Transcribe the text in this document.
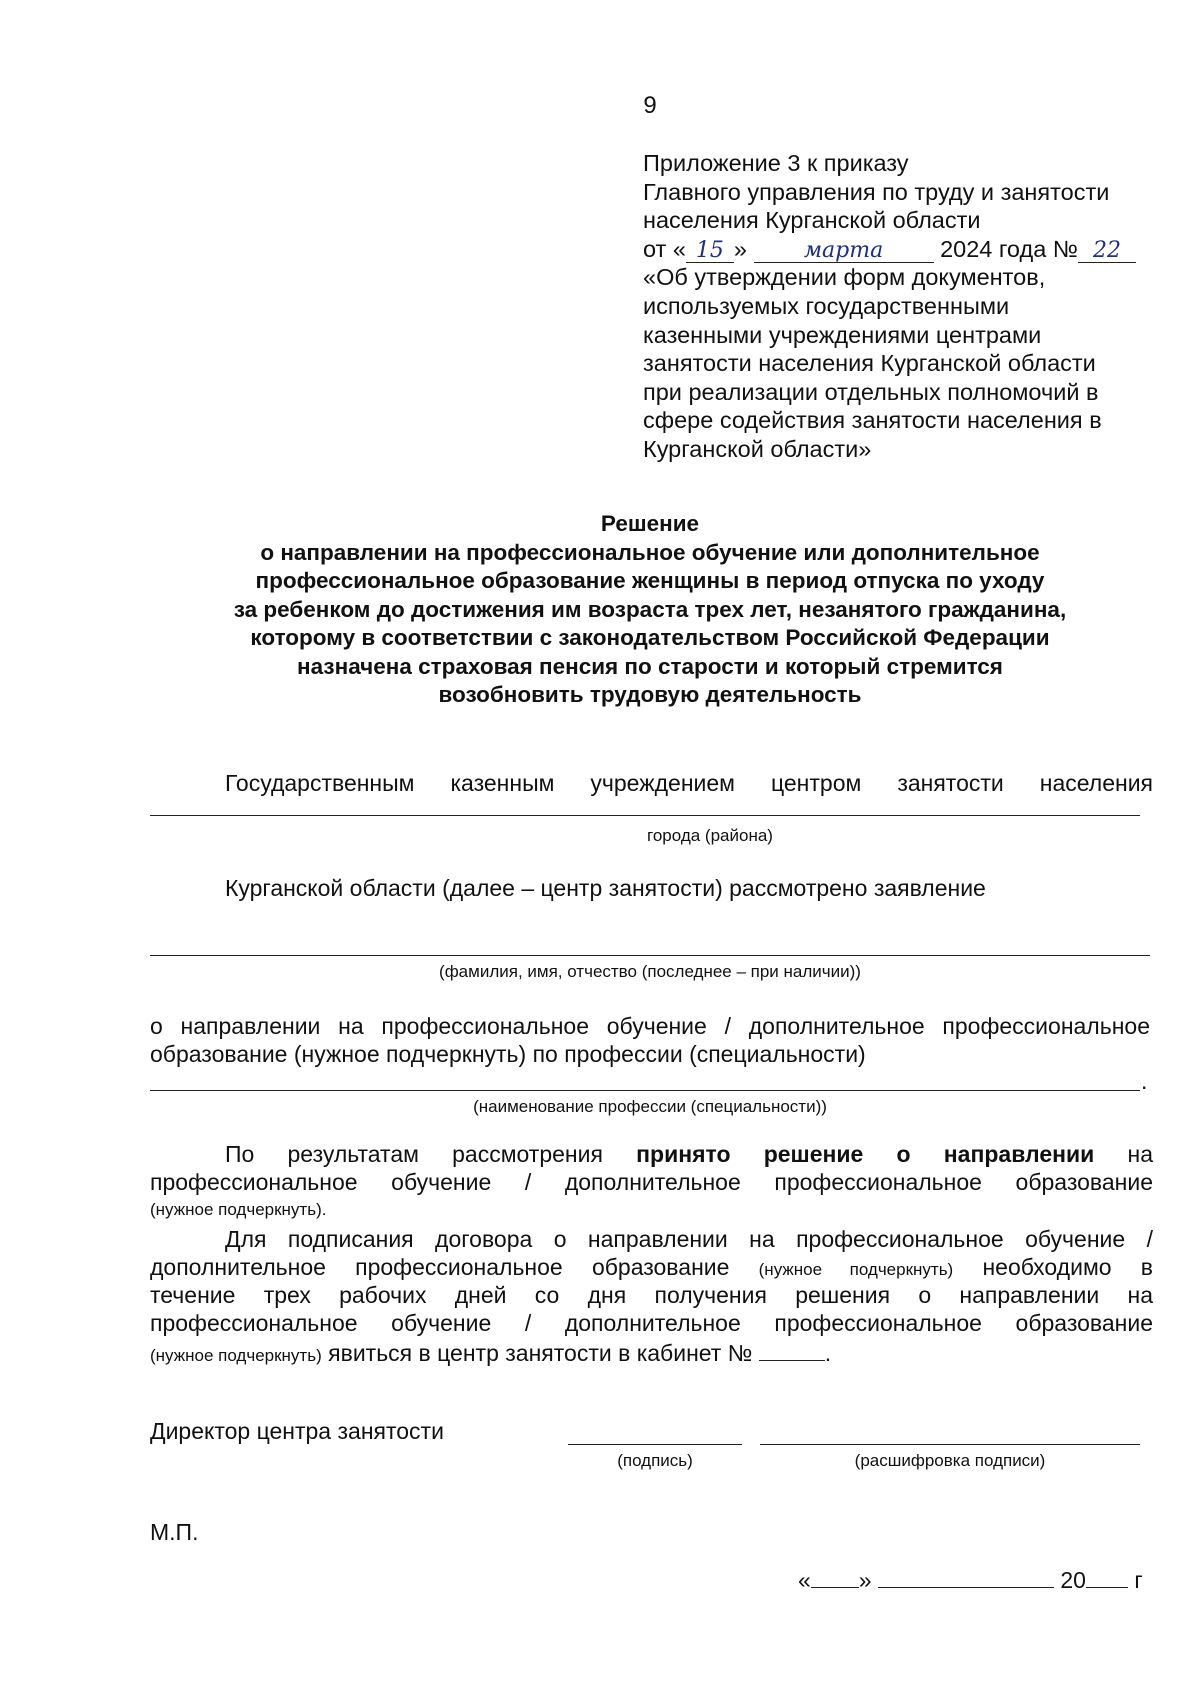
9
Приложение 3 к приказу
Главного управления по труду и занятости
населения Курганской области
от « 15 »	марта 2024 года № 22
«Об утверждении форм документов,
используемых государственными
казенными учреждениями центрами
занятости населения Курганской области
при реализации отдельных полномочий в
сфере содействия занятости населения в
Курганской области»
Решение
о направлении на профессиональное обучение или дополнительное
профессиональное образование женщины в период отпуска по уходу
за ребенком до достижения им возраста трех лет, незанятого гражданина,
которому в соответствии с законодательством Российской Федерации
назначена страховая пенсия по старости и который стремится
возобновить трудовую деятельность
Государственным казенным учреждением центром занятости населения
города (района)
Курганской области (далее – центр занятости) рассмотрено заявление
(фамилия, имя, отчество (последнее – при наличии))
о направлении на профессиональное обучение / дополнительное профессиональное
образование (нужное подчеркнуть) по профессии (специальности)
.
(наименование профессии (специальности))
По результатам рассмотрения принято решение о направлении на
профессиональное обучение / дополнительное профессиональное образование
(нужное подчеркнуть).
Для подписания договора о направлении на профессиональное обучение /
дополнительное профессиональное образование (нужное подчеркнуть) необходимо в
течение трех рабочих дней со дня получения решения о направлении на
профессиональное обучение / дополнительное профессиональное образование
(нужное подчеркнуть) явиться в центр занятости в кабинет №	.
Директор центра занятости
(подпись)	(расшифровка подписи)
М.П.
« »	20 г
